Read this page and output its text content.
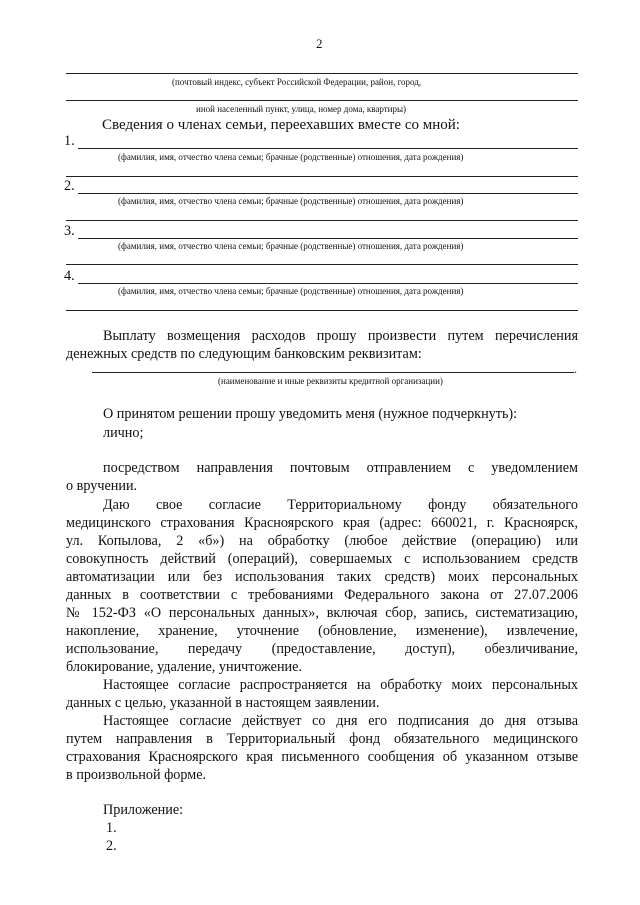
2
(почтовый индекс, субъект Российской Федерации, район, город,
иной населенный пункт, улица, номер дома, квартиры)
Сведения о членах семьи, переехавших вместе со мной:
1.
(фамилия, имя, отчество члена семьи; брачные (родственные) отношения, дата рождения)
2.
(фамилия, имя, отчество члена семьи; брачные (родственные) отношения, дата рождения)
3.
(фамилия, имя, отчество члена семьи; брачные (родственные) отношения, дата рождения)
4.
(фамилия, имя, отчество члена семьи; брачные (родственные) отношения, дата рождения)
Выплату возмещения расходов прошу произвести путем перечисления
денежных средств по следующим банковским реквизитам:
.
(наименование и иные реквизиты кредитной организации)
О принятом решении прошу уведомить меня (нужное подчеркнуть):
лично;
посредством направления почтовым отправлением с уведомлением
о вручении.
Даю свое согласие Территориальному фонду обязательного
медицинского страхования Красноярского края (адрес: 660021, г. Красноярск,
ул. Копылова, 2 «б») на обработку (любое действие (операцию) или
совокупность действий (операций), совершаемых с использованием средств
автоматизации или без использования таких средств) моих персональных
данных в соответствии с требованиями Федерального закона от 27.07.2006
№ 152-ФЗ «О персональных данных», включая сбор, запись, систематизацию,
накопление, хранение, уточнение (обновление, изменение), извлечение,
использование, передачу (предоставление, доступ), обезличивание,
блокирование, удаление, уничтожение.
Настоящее согласие распространяется на обработку моих персональных
данных с целью, указанной в настоящем заявлении.
Настоящее согласие действует со дня его подписания до дня отзыва
путем направления в Территориальный фонд обязательного медицинского
страхования Красноярского края письменного сообщения об указанном отзыве
в произвольной форме.
Приложение:
1.
2.
